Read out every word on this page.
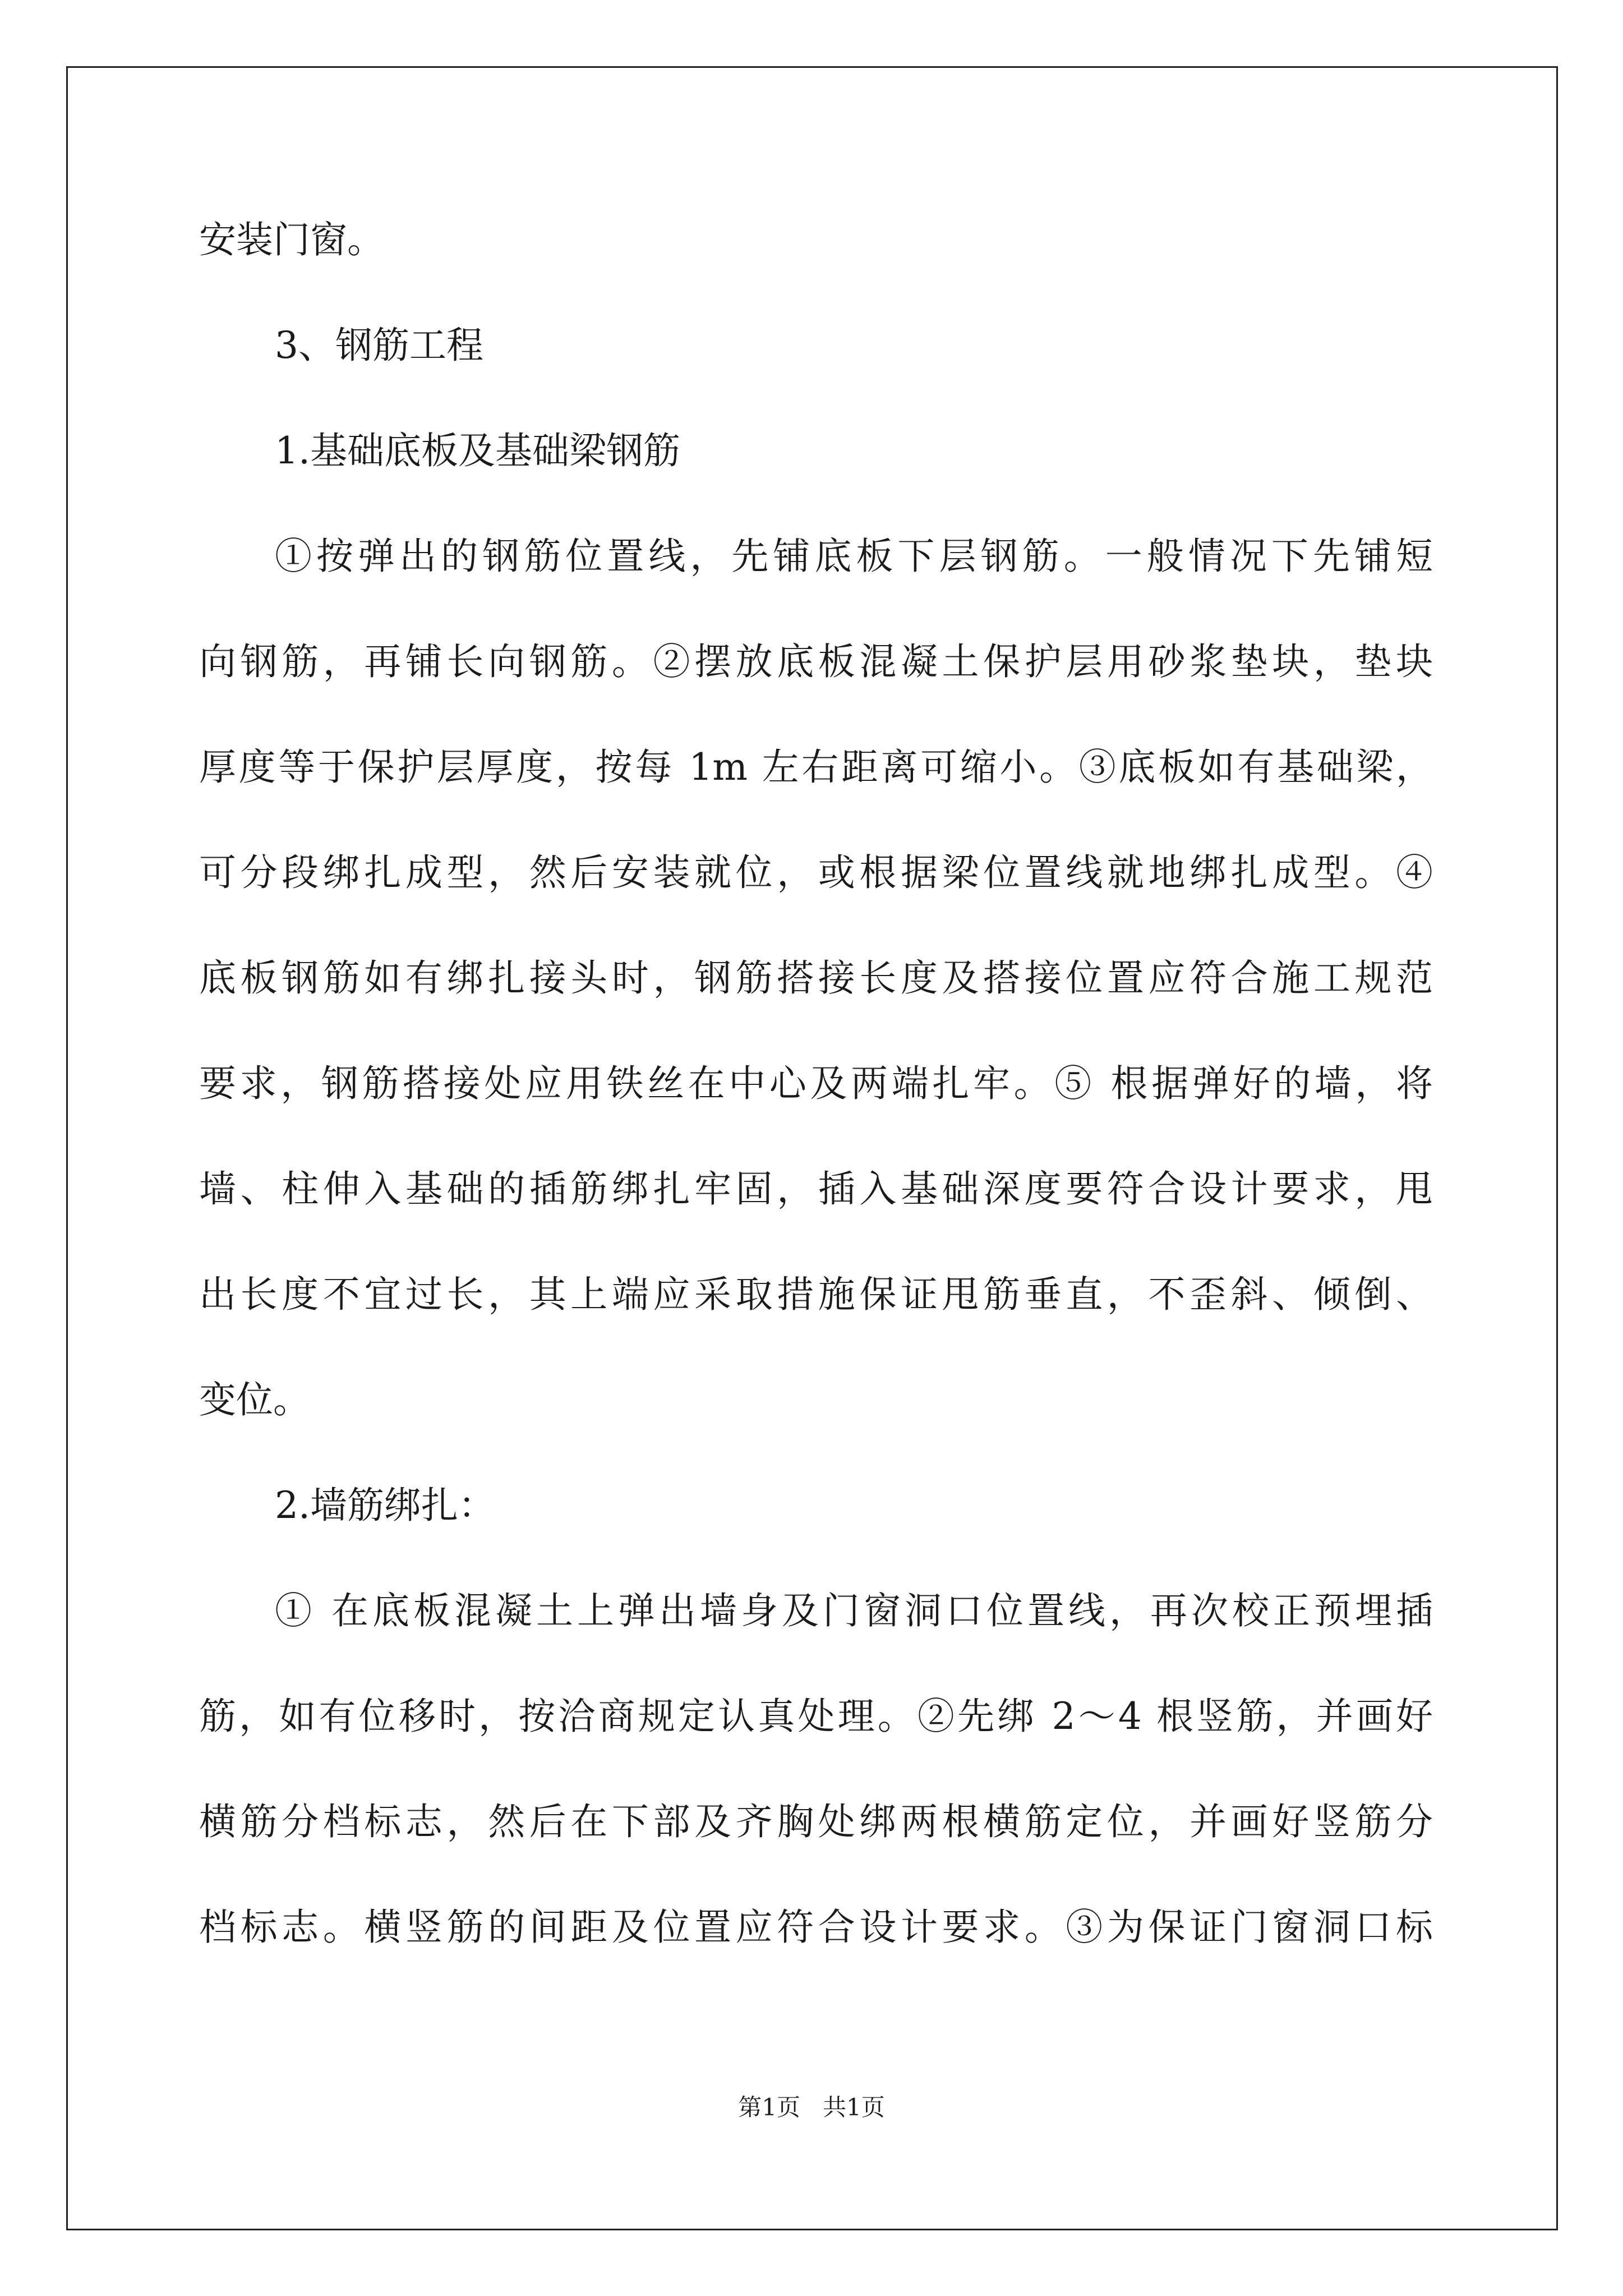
安装门窗。
3、钢筋工程
1.基础底板及基础梁钢筋
①按弹出的钢筋位置线，先铺底板下层钢筋。一般情况下先铺短
向钢筋，再铺长向钢筋。②摆放底板混凝土保护层用砂浆垫块，垫块
厚度等于保护层厚度，按每 1m 左右距离可缩小。③底板如有基础梁，
可分段绑扎成型，然后安装就位，或根据梁位置线就地绑扎成型。④
底板钢筋如有绑扎接头时，钢筋搭接长度及搭接位置应符合施工规范
要求，钢筋搭接处应用铁丝在中心及两端扎牢。⑤ 根据弹好的墙，将
墙、柱伸入基础的插筋绑扎牢固，插入基础深度要符合设计要求，甩
出长度不宜过长，其上端应采取措施保证甩筋垂直，不歪斜、倾倒、
变位。
2.墙筋绑扎：
① 在底板混凝土上弹出墙身及门窗洞口位置线，再次校正预埋插
筋，如有位移时，按洽商规定认真处理。②先绑 2～4 根竖筋，并画好
横筋分档标志，然后在下部及齐胸处绑两根横筋定位，并画好竖筋分
档标志。横竖筋的间距及位置应符合设计要求。③为保证门窗洞口标
第1页   共1页
